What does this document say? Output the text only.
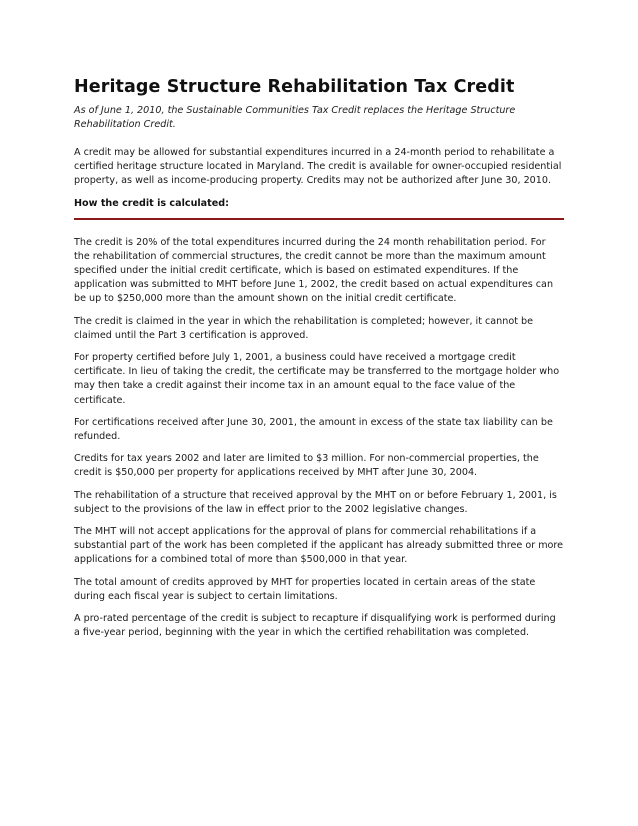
Heritage Structure Rehabilitation Tax Credit

As of June 1, 2010, the Sustainable Communities Tax Credit replaces the Heritage Structure Rehabilitation Credit.

A credit may be allowed for substantial expenditures incurred in a 24-month period to rehabilitate a certified heritage structure located in Maryland. The credit is available for owner-occupied residential property, as well as income-producing property. Credits may not be authorized after June 30, 2010.

How the credit is calculated:

The credit is 20% of the total expenditures incurred during the 24 month rehabilitation period. For the rehabilitation of commercial structures, the credit cannot be more than the maximum amount specified under the initial credit certificate, which is based on estimated expenditures. If the application was submitted to MHT before June 1, 2002, the credit based on actual expenditures can be up to $250,000 more than the amount shown on the initial credit certificate.

The credit is claimed in the year in which the rehabilitation is completed; however, it cannot be claimed until the Part 3 certification is approved.

For property certified before July 1, 2001, a business could have received a mortgage credit certificate. In lieu of taking the credit, the certificate may be transferred to the mortgage holder who may then take a credit against their income tax in an amount equal to the face value of the certificate.

For certifications received after June 30, 2001, the amount in excess of the state tax liability can be refunded.

Credits for tax years 2002 and later are limited to $3 million. For non-commercial properties, the credit is $50,000 per property for applications received by MHT after June 30, 2004.

The rehabilitation of a structure that received approval by the MHT on or before February 1, 2001, is subject to the provisions of the law in effect prior to the 2002 legislative changes.

The MHT will not accept applications for the approval of plans for commercial rehabilitations if a substantial part of the work has been completed if the applicant has already submitted three or more applications for a combined total of more than $500,000 in that year.

The total amount of credits approved by MHT for properties located in certain areas of the state during each fiscal year is subject to certain limitations.

A pro-rated percentage of the credit is subject to recapture if disqualifying work is performed during a five-year period, beginning with the year in which the certified rehabilitation was completed.
